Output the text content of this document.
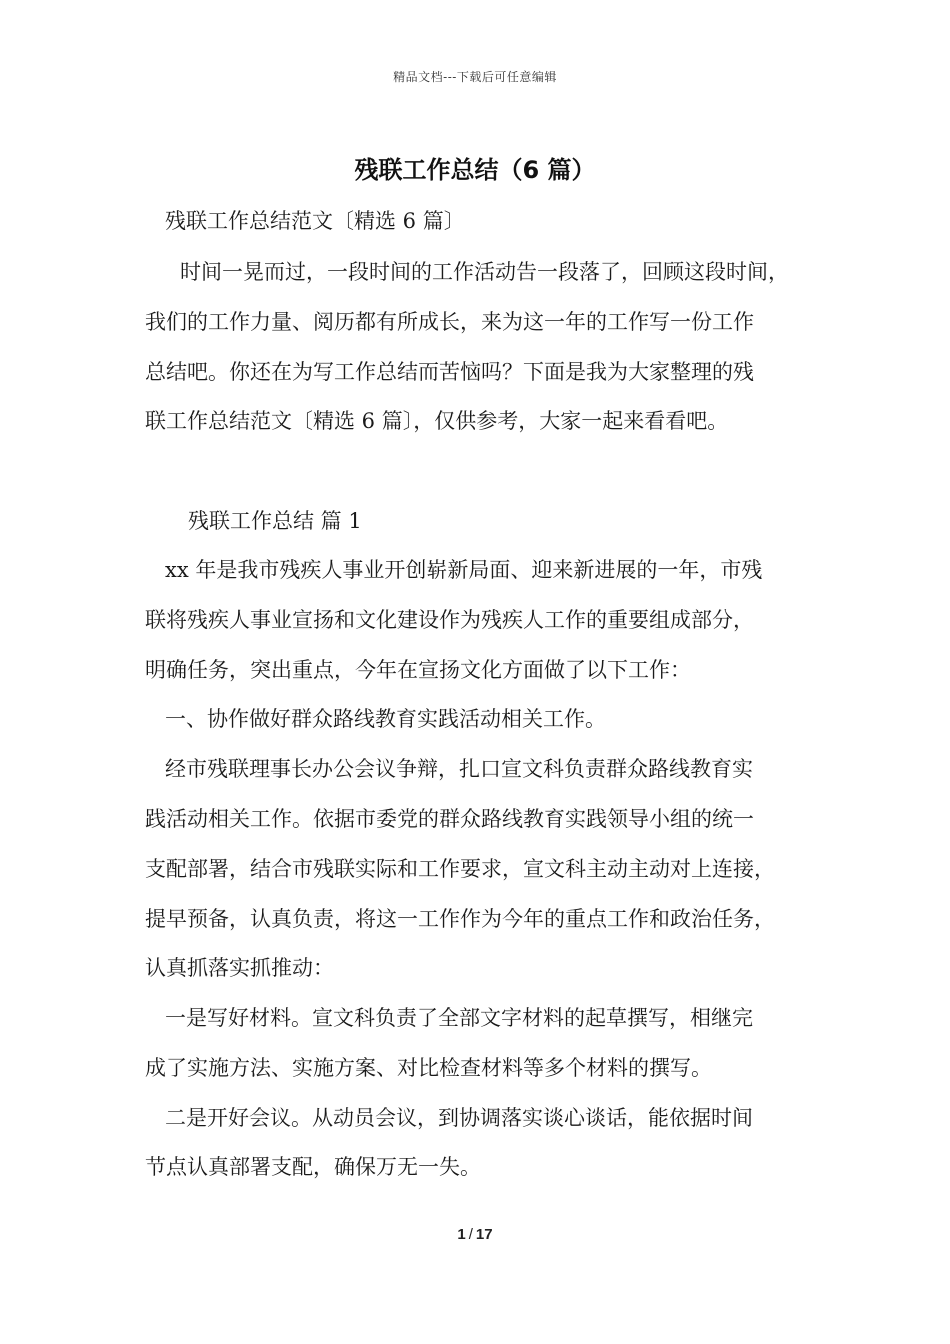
精品文档---下载后可任意编辑
残联工作总结（6 篇）
残联工作总结范文〔精选 6 篇〕
时间一晃而过，一段时间的工作活动告一段落了，回顾这段时间，
我们的工作力量、阅历都有所成长，来为这一年的工作写一份工作
总结吧。你还在为写工作总结而苦恼吗？下面是我为大家整理的残
联工作总结范文〔精选 6 篇〕，仅供参考，大家一起来看看吧。
残联工作总结 篇 1
xx 年是我市残疾人事业开创崭新局面、迎来新进展的一年，市残
联将残疾人事业宣扬和文化建设作为残疾人工作的重要组成部分，
明确任务，突出重点，今年在宣扬文化方面做了以下工作：
一、协作做好群众路线教育实践活动相关工作。
经市残联理事长办公会议争辩，扎口宣文科负责群众路线教育实
践活动相关工作。依据市委党的群众路线教育实践领导小组的统一
支配部署，结合市残联实际和工作要求，宣文科主动主动对上连接，
提早预备，认真负责，将这一工作作为今年的重点工作和政治任务，
认真抓落实抓推动：
一是写好材料。宣文科负责了全部文字材料的起草撰写，相继完
成了实施方法、实施方案、对比检查材料等多个材料的撰写。
二是开好会议。从动员会议，到协调落实谈心谈话，能依据时间
节点认真部署支配，确保万无一失。
1 / 17
